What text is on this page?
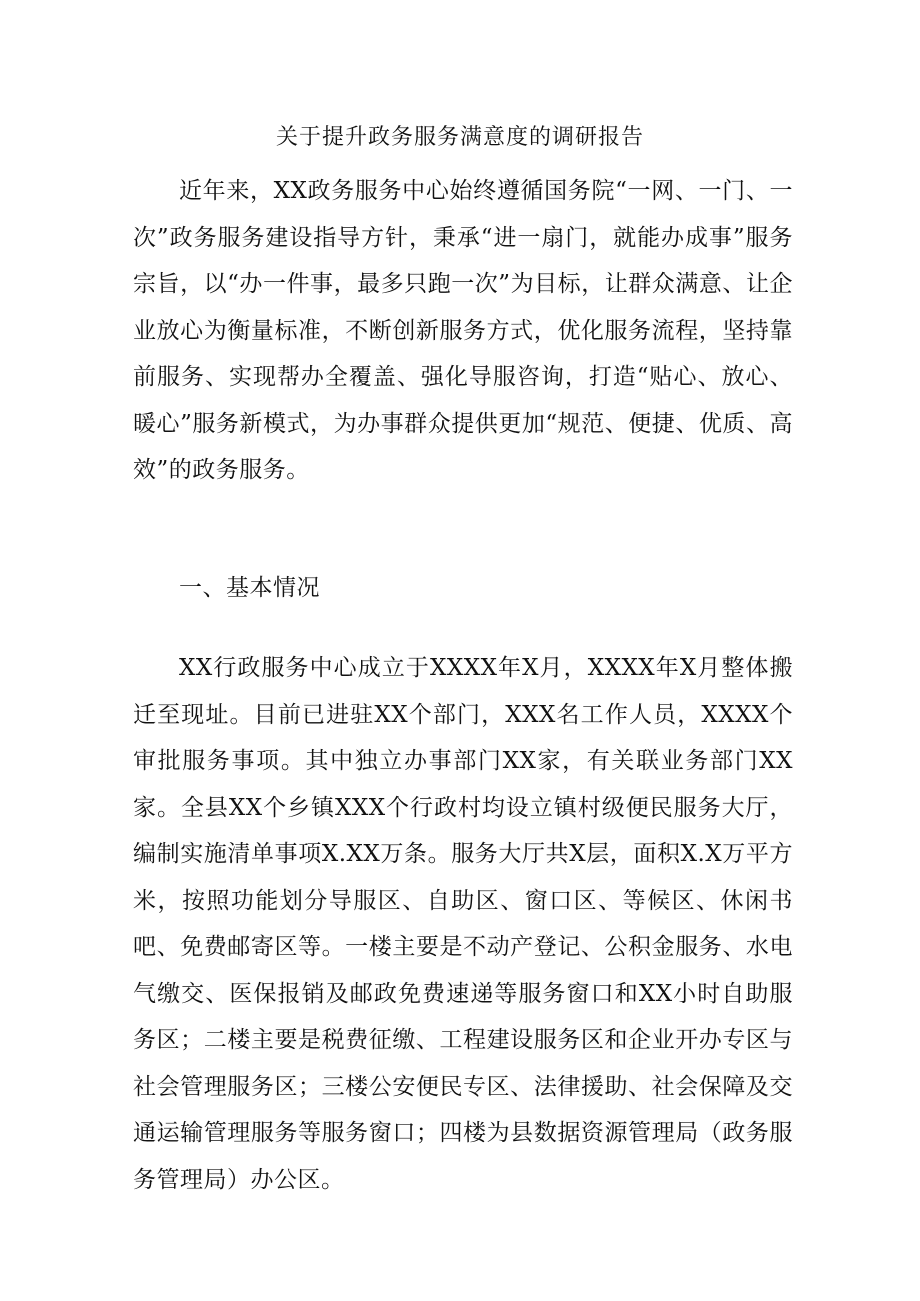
关于提升政务服务满意度的调研报告

近年来，XX政务服务中心始终遵循国务院“一网、一门、一次”政务服务建设指导方针，秉承“进一扇门，就能办成事”服务宗旨，以“办一件事，最多只跑一次”为目标，让群众满意、让企业放心为衡量标准，不断创新服务方式，优化服务流程，坚持靠前服务、实现帮办全覆盖、强化导服咨询，打造“贴心、放心、暖心”服务新模式，为办事群众提供更加“规范、便捷、优质、高效”的政务服务。

一、基本情况

XX行政服务中心成立于XXXX年X月，XXXX年X月整体搬迁至现址。目前已进驻XX个部门，XXX名工作人员，XXXX个审批服务事项。其中独立办事部门XX家，有关联业务部门XX家。全县XX个乡镇XXX个行政村均设立镇村级便民服务大厅，编制实施清单事项X.XX万条。服务大厅共X层，面积X.X万平方米，按照功能划分导服区、自助区、窗口区、等候区、休闲书吧、免费邮寄区等。一楼主要是不动产登记、公积金服务、水电气缴交、医保报销及邮政免费速递等服务窗口和XX小时自助服务区；二楼主要是税费征缴、工程建设服务区和企业开办专区与社会管理服务区；三楼公安便民专区、法律援助、社会保障及交通运输管理服务等服务窗口；四楼为县数据资源管理局（政务服务管理局）办公区。
